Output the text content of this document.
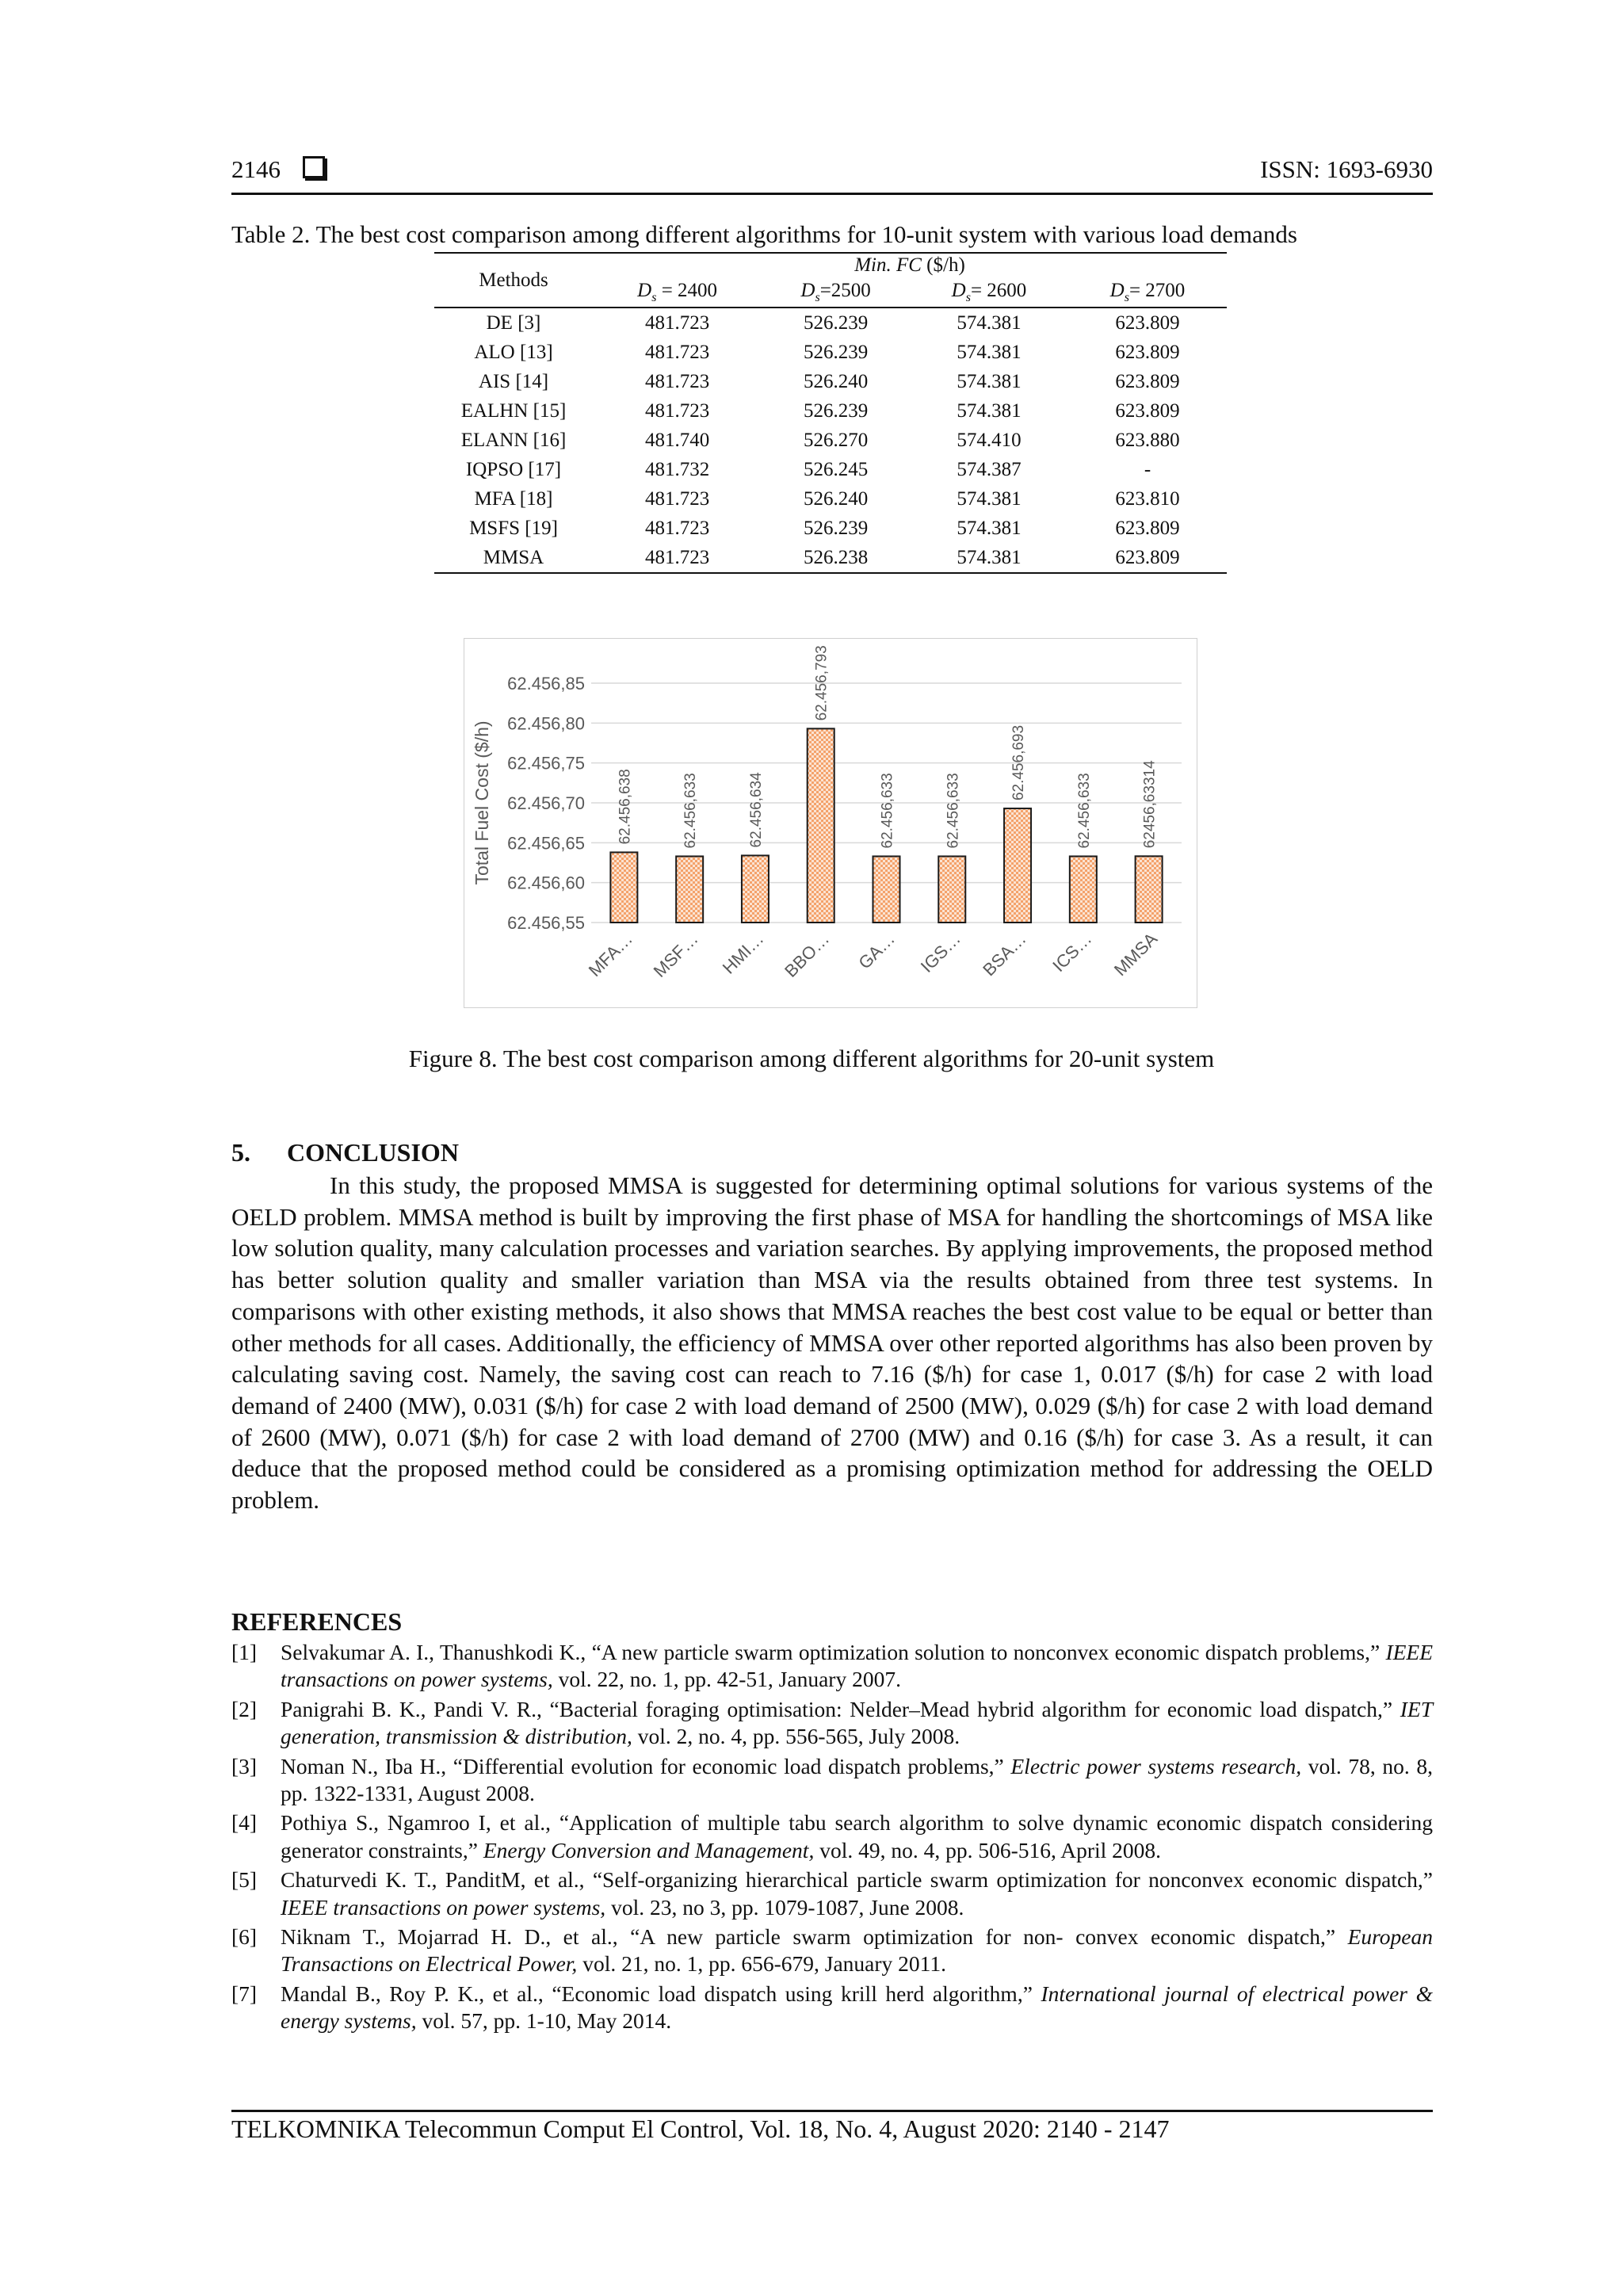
2146	ISSN: 1693-6930
Table 2. The best cost comparison among different algorithms for 10-unit system with various load demands
Methods	Min. FC ($/h)			
	$D_s = 2400$	$D_s=2500$	$D_s= 2600$	$D_s= 2700$
DE [3]	481.723	526.239	574.381	623.809
ALO [13]	481.723	526.239	574.381	623.809
AIS [14]	481.723	526.240	574.381	623.809
EALHN [15]	481.723	526.239	574.381	623.809
ELANN [16]	481.740	526.270	574.410	623.880
IQPSO [17]	481.732	526.245	574.387	-
MFA [18]	481.723	526.240	574.381	623.810
MSFS [19]	481.723	526.239	574.381	623.809
MMSA	481.723	526.238	574.381	623.809
62.456,55
62.456,60
62.456,65
62.456,70
62.456,75
62.456,80
62.456,85
Total Fuel Cost ($/h)	62.456,638
MFA…
62.456,633
MSF…
62.456,634
HMI…
62.456,793
BBO…
62.456,633
GA…
62.456,633
IGS…
62.456,693
BSA…
62.456,633
ICS…
62456,63314
MMSA
Figure 8. The best cost comparison among different algorithms for 20-unit system
5. CONCLUSION

In this study, the proposed MMSA is suggested for determining optimal solutions for various systems of the OELD problem. MMSA method is built by improving the first phase of MSA for handling the shortcomings of MSA like low solution quality, many calculation processes and variation searches. By applying improvements, the proposed method has better solution quality and smaller variation than MSA via the results obtained from three test systems. In comparisons with other existing methods, it also shows that MMSA reaches the best cost value to be equal or better than other methods for all cases. Additionally, the efficiency of MMSA over other reported algorithms has also been proven by calculating saving cost. Namely, the saving cost can reach to 7.16 ($/h) for case 1, 0.017 ($/h) for case 2 with load demand of 2400 (MW), 0.031 ($/h) for case 2 with load demand of 2500 (MW), 0.029 ($/h) for case 2 with load demand of 2600 (MW), 0.071 ($/h) for case 2 with load demand of 2700 (MW) and 0.16 ($/h) for case 3. As a result, it can deduce that the proposed method could be considered as a promising optimization method for addressing the OELD problem.

REFERENCES
[1]	Selvakumar A. I., Thanushkodi K., “A new particle swarm optimization solution to nonconvex economic dispatch problems,” IEEE transactions on power systems, vol. 22, no. 1, pp. 42-51, January 2007.
[2]	Panigrahi B. K., Pandi V. R., “Bacterial foraging optimisation: Nelder–Mead hybrid algorithm for economic load dispatch,” IET generation, transmission & distribution, vol. 2, no. 4, pp. 556-565, July 2008.
[3]	Noman N., Iba H., “Differential evolution for economic load dispatch problems,” Electric power systems research, vol. 78, no. 8, pp. 1322-1331, August 2008.
[4]	Pothiya S., Ngamroo I, et al., “Application of multiple tabu search algorithm to solve dynamic economic dispatch considering generator constraints,” Energy Conversion and Management, vol. 49, no. 4, pp. 506-516, April 2008.
[5]	Chaturvedi K. T., PanditM, et al., “Self-organizing hierarchical particle swarm optimization for nonconvex economic dispatch,” IEEE transactions on power systems, vol. 23, no 3, pp. 1079-1087, June 2008.
[6]	Niknam T., Mojarrad H. D., et al., “A new particle swarm optimization for non- convex economic dispatch,” European Transactions on Electrical Power, vol. 21, no. 1, pp. 656-679, January 2011.
[7]	Mandal B., Roy P. K., et al., “Economic load dispatch using krill herd algorithm,” International journal of electrical power & energy systems, vol. 57, pp. 1-10, May 2014.
TELKOMNIKA Telecommun Comput El Control, Vol. 18, No. 4, August 2020: 2140 - 2147
